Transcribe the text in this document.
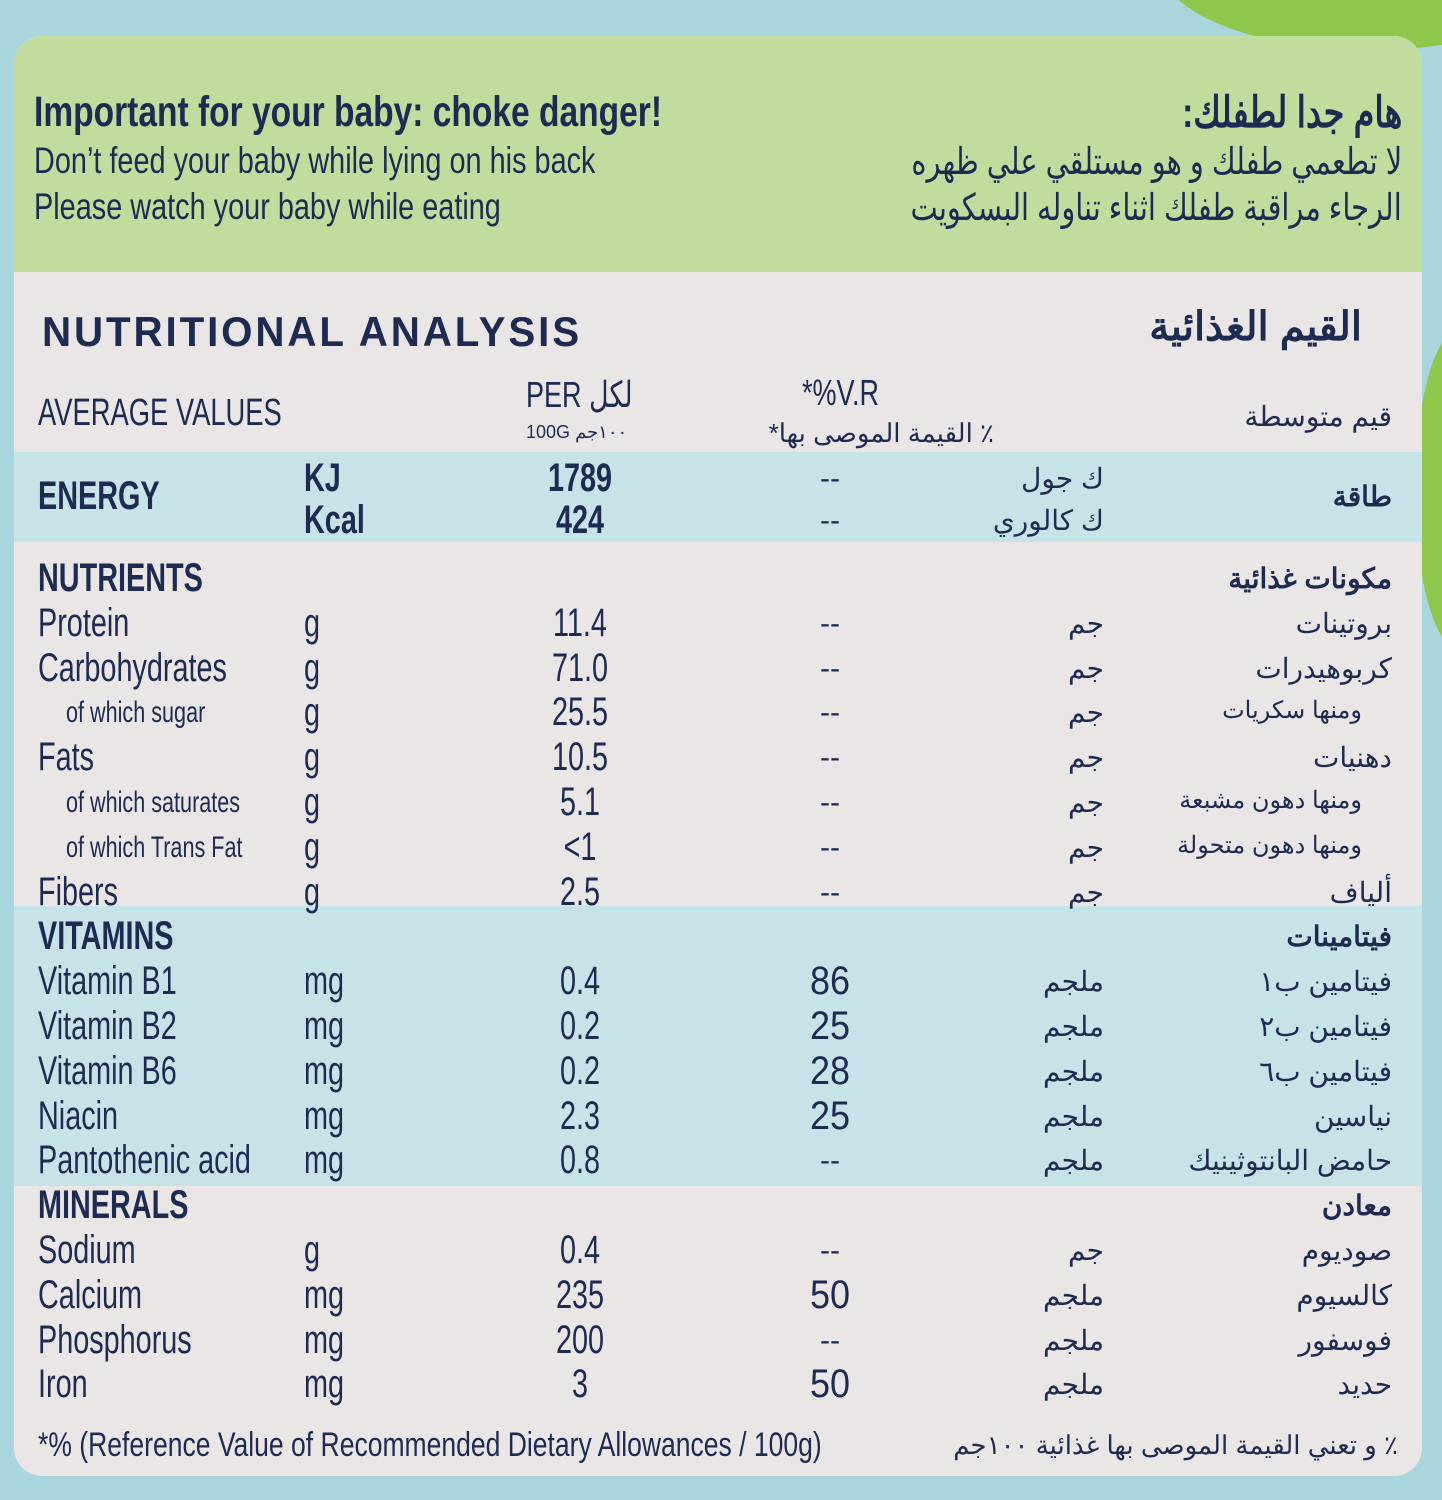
Important for your baby: choke danger!
Don’t feed your baby while lying on his back
Please watch your baby while eating
هام جدا لطفلك:
لا تطعمي طفلك و هو مستلقي علي ظهره
الرجاء مراقبة طفلك اثناء تناوله البسكويت
NUTRITIONAL ANALYSIS	القيم الغذائية
AVERAGE VALUES	PER لكل
100G ١٠٠جم
*%V.R
٪ القيمة الموصى بها*
قيم متوسطة
KJ	1789	--	ك جول
Kcal	424	--	ك كالوري
ENERGY	طاقة
NUTRIENTS	مكونات غذائية
Protein	g	11.4	--	جم	بروتينات
Carbohydrates g	71.0	--	جم	كربوهيدرات
of which sugar g	25.5	--	جم	ومنها سكريات
Fats	g	10.5	--	جم	دهنيات
of which saturates g	5.1	--	جم	ومنها دهون مشبعة
of which Trans Fat g	<1	--	جم	ومنها دهون متحولة
Fibers	g	2.5	--	جم	ألياف
VITAMINS	فيتامينات
Vitamin B1	mg	0.4	86	ملجم	فيتامين ب١
Vitamin B2	mg	0.2	25	ملجم	فيتامين ب٢
Vitamin B6	mg	0.2	28	ملجم	فيتامين ب٦
Niacin	mg	2.3	25	ملجم	نياسين
Pantothenic acid mg	0.8	--	ملجم	حامض البانتوثينيك
MINERALS	معادن
Sodium	g	0.4	--	جم	صوديوم
Calcium	mg	235	50	ملجم	كالسيوم
Phosphorus	mg	200	--	ملجم	فوسفور
Iron	mg	3	50	ملجم	حديد
*% (Reference Value of Recommended Dietary Allowances / 100g)	٪ و تعني القيمة الموصى بها غذائية ١٠٠جم
